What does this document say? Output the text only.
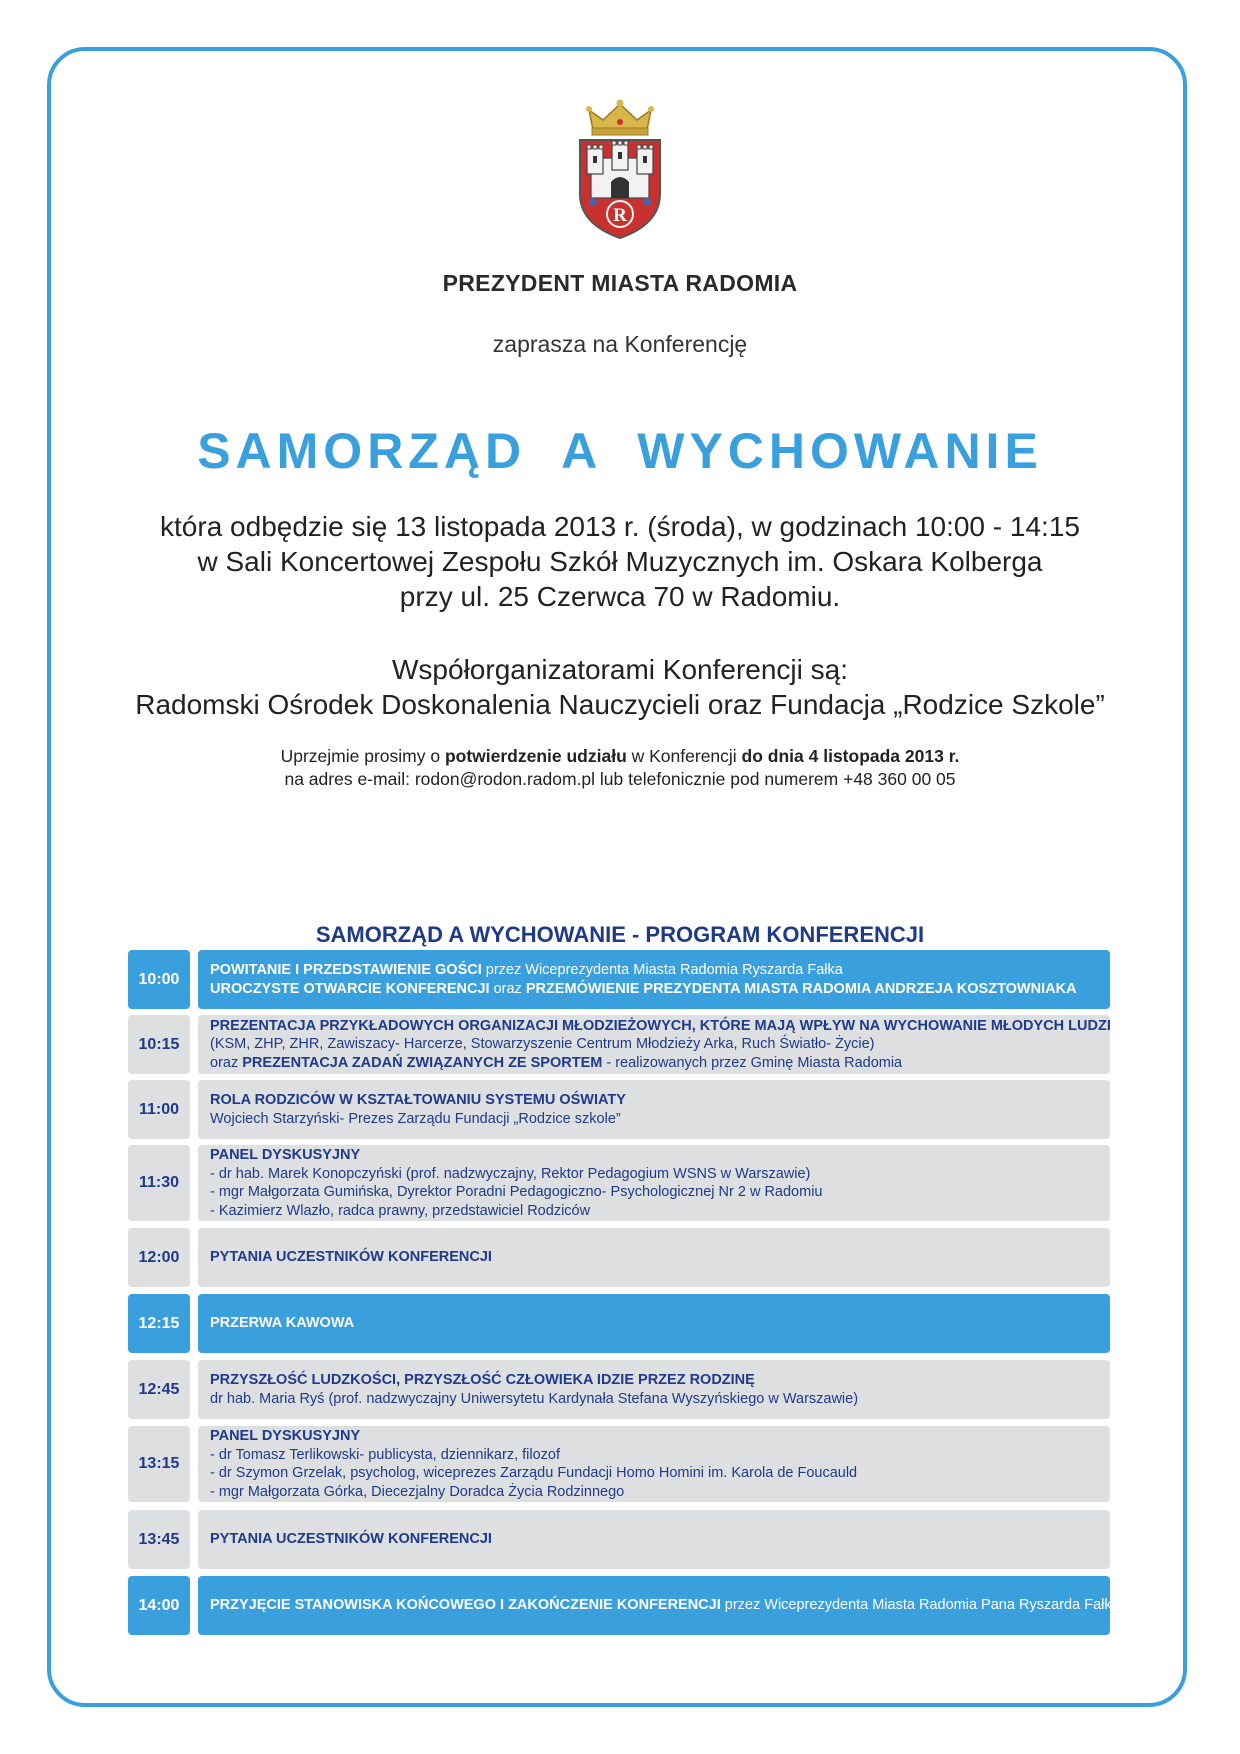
R
PREZYDENT MIASTA RADOMIA
zaprasza na Konferencję
SAMORZĄD A WYCHOWANIE
która odbędzie się 13 listopada 2013 r. (środa), w godzinach 10:00 - 14:15
w Sali Koncertowej Zespołu Szkół Muzycznych im. Oskara Kolberga
przy ul. 25 Czerwca 70 w Radomiu.
Współorganizatorami Konferencji są:
Radomski Ośrodek Doskonalenia Nauczycieli oraz Fundacja „Rodzice Szkole”
Uprzejmie prosimy o potwierdzenie udziału w Konferencji do dnia 4 listopada 2013 r.
na adres e-mail: rodon@rodon.radom.pl lub telefonicznie pod numerem +48 360 00 05
SAMORZĄD A WYCHOWANIE - PROGRAM KONFERENCJI
10:00
POWITANIE I PRZEDSTAWIENIE GOŚCI przez Wiceprezydenta Miasta Radomia Ryszarda Fałka
UROCZYSTE OTWARCIE KONFERENCJI oraz PRZEMÓWIENIE PREZYDENTA MIASTA RADOMIA ANDRZEJA KOSZTOWNIAKA
10:15
PREZENTACJA PRZYKŁADOWYCH ORGANIZACJI MŁODZIEŻOWYCH, KTÓRE MAJĄ WPŁYW NA WYCHOWANIE MŁODYCH LUDZI
(KSM, ZHP, ZHR, Zawiszacy- Harcerze, Stowarzyszenie Centrum Młodzieży Arka, Ruch Światło- Życie)
oraz PREZENTACJA ZADAŃ ZWIĄZANYCH ZE SPORTEM - realizowanych przez Gminę Miasta Radomia
11:00
ROLA RODZICÓW W KSZTAŁTOWANIU SYSTEMU OŚWIATY
Wojciech Starzyński- Prezes Zarządu Fundacji „Rodzice szkole”
11:30
PANEL DYSKUSYJNY
- dr hab. Marek Konopczyński (prof. nadzwyczajny, Rektor Pedagogium WSNS w Warszawie)
- mgr Małgorzata Gumińska, Dyrektor Poradni Pedagogiczno- Psychologicznej Nr 2 w Radomiu
- Kazimierz Wlazło, radca prawny, przedstawiciel Rodziców
12:00	PYTANIA UCZESTNIKÓW KONFERENCJI
12:15	PRZERWA KAWOWA
12:45
PRZYSZŁOŚĆ LUDZKOŚCI, PRZYSZŁOŚĆ CZŁOWIEKA IDZIE PRZEZ RODZINĘ
dr hab. Maria Ryś (prof. nadzwyczajny Uniwersytetu Kardynała Stefana Wyszyńskiego w Warszawie)
13:15
PANEL DYSKUSYJNY
- dr Tomasz Terlikowski- publicysta, dziennikarz, filozof
- dr Szymon Grzelak, psycholog, wiceprezes Zarządu Fundacji Homo Homini im. Karola de Foucauld
- mgr Małgorzata Górka, Diecezjalny Doradca Życia Rodzinnego
13:45	PYTANIA UCZESTNIKÓW KONFERENCJI
14:00	PRZYJĘCIE STANOWISKA KOŃCOWEGO I ZAKOŃCZENIE KONFERENCJI przez Wiceprezydenta Miasta Radomia Pana Ryszarda Fałka
